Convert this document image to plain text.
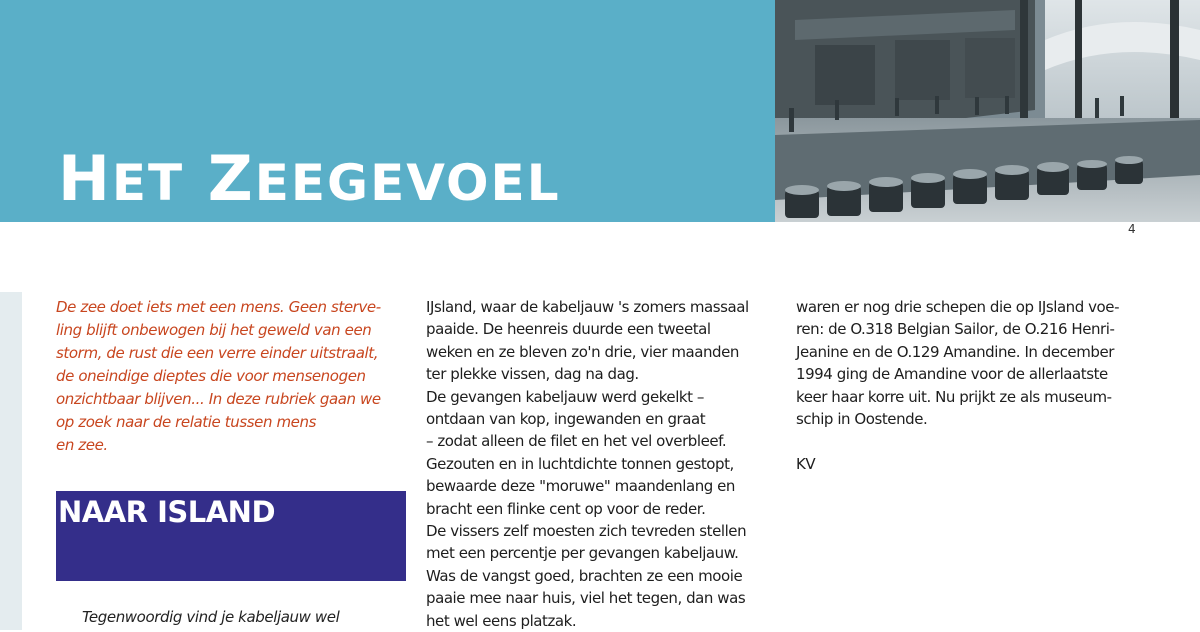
HET ZEEGEVOEL
4
De zee doet iets met een mens. Geen sterve-
ling blijft onbewogen bij het geweld van een
storm, de rust die een verre einder uitstraalt,
de oneindige dieptes die voor mensenogen
onzichtbaar blijven... In deze rubriek gaan we
op zoek naar de relatie tussen mens
en zee.
NAAR ISLAND
Tegenwoordig vind je kabeljauw wel
IJsland, waar de kabeljauw 's zomers massaal
paaide. De heenreis duurde een tweetal
weken en ze bleven zo'n drie, vier maanden
ter plekke vissen, dag na dag.
De gevangen kabeljauw werd gekelkt –
ontdaan van kop, ingewanden en graat
– zodat alleen de filet en het vel overbleef.
Gezouten en in luchtdichte tonnen gestopt,
bewaarde deze "moruwe" maandenlang en
bracht een flinke cent op voor de reder.
De vissers zelf moesten zich tevreden stellen
met een percentje per gevangen kabeljauw.
Was de vangst goed, brachten ze een mooie
paaie mee naar huis, viel het tegen, dan was
het wel eens platzak.
waren er nog drie schepen die op IJsland voe-
ren: de O.318 Belgian Sailor, de O.216 Henri-
Jeanine en de O.129 Amandine. In december
1994 ging de Amandine voor de allerlaatste
keer haar korre uit. Nu prijkt ze als museum-
schip in Oostende.
KV
